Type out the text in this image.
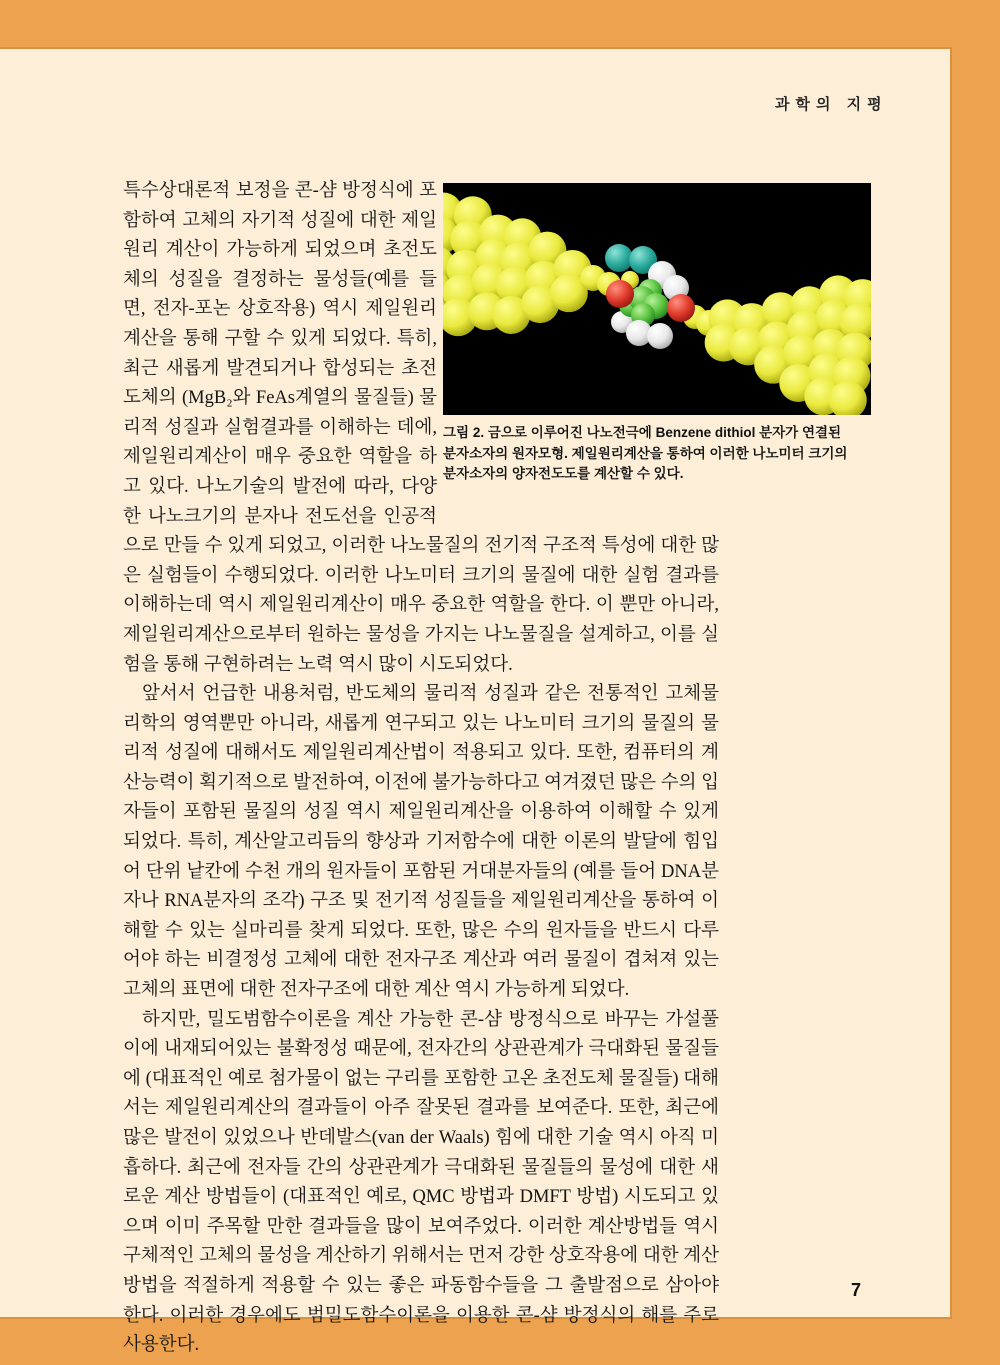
과학의 지평

특수상대론적 보정을 콘-샴 방정식에 포함하여 고체의 자기적 성질에 대한 제일원리 계산이 가능하게 되었으며 초전도체의 성질을 결정하는 물성들(예를 들면, 전자-포논 상호작용) 역시 제일원리 계산을 통해 구할 수 있게 되었다. 특히, 최근 새롭게 발견되거나 합성되는 초전도체의 (MgB₂와 FeAs계열의 물질들) 물리적 성질과 실험결과를 이해하는 데에, 제일원리계산이 매우 중요한 역할을 하고 있다. 나노기술의 발전에 따라, 다양한 나노크기의 분자나 전도선을 인공적으로 만들 수 있게 되었고, 이러한 나노물질의 전기적 구조적 특성에 대한 많은 실험들이 수행되었다. 이러한 나노미터 크기의 물질에 대한 실험 결과를 이해하는데 역시 제일원리계산이 매우 중요한 역할을 한다. 이 뿐만 아니라, 제일원리계산으로부터 원하는 물성을 가지는 나노물질을 설계하고, 이를 실험을 통해 구현하려는 노력 역시 많이 시도되었다.

앞서서 언급한 내용처럼, 반도체의 물리적 성질과 같은 전통적인 고체물리학의 영역뿐만 아니라, 새롭게 연구되고 있는 나노미터 크기의 물질의 물리적 성질에 대해서도 제일원리계산법이 적용되고 있다. 또한, 컴퓨터의 계산능력이 획기적으로 발전하여, 이전에 불가능하다고 여겨졌던 많은 수의 입자들이 포함된 물질의 성질 역시 제일원리계산을 이용하여 이해할 수 있게 되었다. 특히, 계산알고리듬의 향상과 기저함수에 대한 이론의 발달에 힘입어 단위 낱칸에 수천 개의 원자들이 포함된 거대분자들의 (예를 들어 DNA분자나 RNA분자의 조각) 구조 및 전기적 성질들을 제일원리계산을 통하여 이해할 수 있는 실마리를 찾게 되었다. 또한, 많은 수의 원자들을 반드시 다루어야 하는 비결정성 고체에 대한 전자구조 계산과 여러 물질이 겹쳐져 있는 고체의 표면에 대한 전자구조에 대한 계산 역시 가능하게 되었다.

하지만, 밀도범함수이론을 계산 가능한 콘-샴 방정식으로 바꾸는 가설풀이에 내재되어있는 불확정성 때문에, 전자간의 상관관계가 극대화된 물질들에 (대표적인 예로 첨가물이 없는 구리를 포함한 고온 초전도체 물질들) 대해서는 제일원리계산의 결과들이 아주 잘못된 결과를 보여준다. 또한, 최근에 많은 발전이 있었으나 반데발스(van der Waals) 힘에 대한 기술 역시 아직 미흡하다. 최근에 전자들 간의 상관관계가 극대화된 물질들의 물성에 대한 새로운 계산 방법들이 (대표적인 예로, QMC 방법과 DMFT 방법) 시도되고 있으며 이미 주목할 만한 결과들을 많이 보여주었다. 이러한 계산방법들 역시 구체적인 고체의 물성을 계산하기 위해서는 먼저 강한 상호작용에 대한 계산방법을 적절하게 적용할 수 있는 좋은 파동함수들을 그 출발점으로 삼아야 한다. 이러한 경우에도 범밀도함수이론을 이용한 콘-샴 방정식의 해를 주로 사용한다.

그림 2. 금으로 이루어진 나노전극에 Benzene dithiol 분자가 연결된 분자소자의 원자모형. 제일원리계산을 통하여 이러한 나노미터 크기의 분자소자의 양자전도도를 계산할 수 있다.
7
